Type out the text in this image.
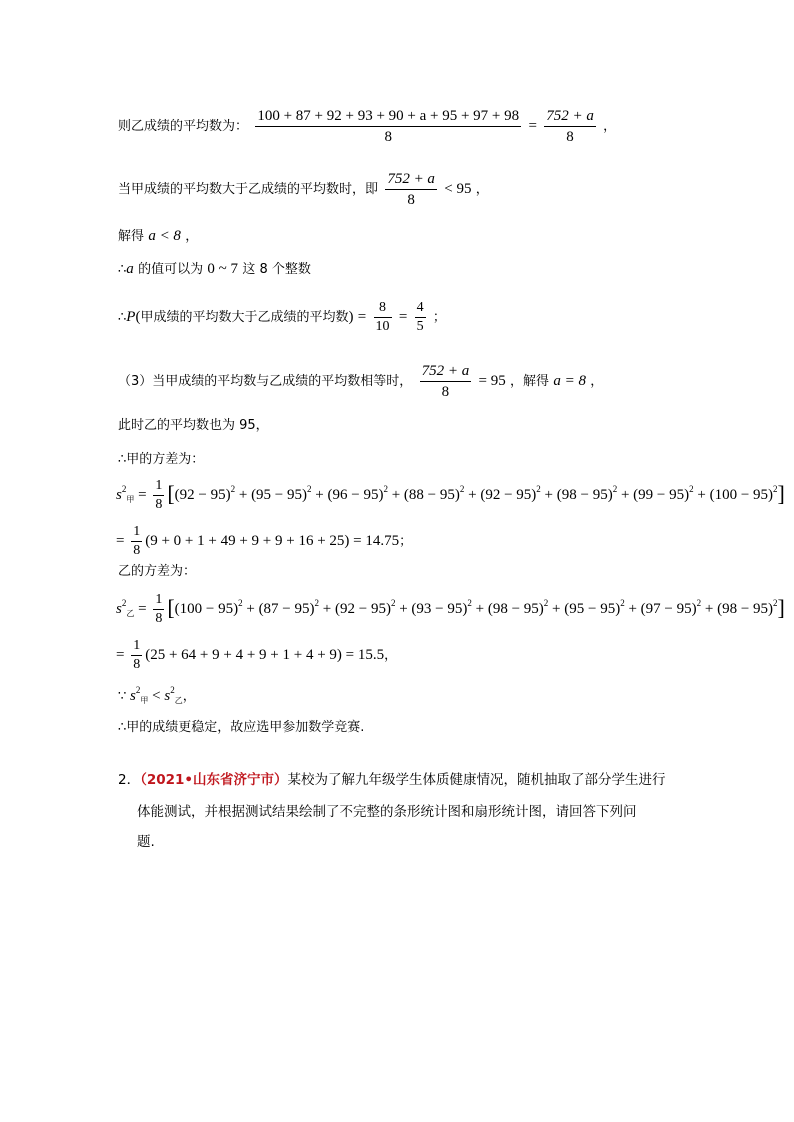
则乙成绩的平均数为： $\frac{100 + 87 + 92 + 93 + 90 + a + 95 + 97 + 98}{8} = \frac{752 + a}{8}$ ，
当甲成绩的平均数大于乙成绩的平均数时，即 $\frac{752 + a}{8} < 95$ ，
解得 a < 8 ，
∴a 的值可以为 0 ~ 7 这 8 个整数
∴P(甲成绩的平均数大于乙成绩的平均数) = $\frac{8}{10} = \frac{4}{5}$ ；
（3）当甲成绩的平均数与乙成绩的平均数相等时， $\frac{752 + a}{8} = 95$ ，解得 a = 8 ，
此时乙的平均数也为 95，
∴甲的方差为：
$s^2_甲 = \frac{1}{8} [(92 - 95)^2 + (95 - 95)^2 + (96 - 95)^2 + (88 - 95)^2 + (92 - 95)^2 + (98 - 95)^2 + (99 - 95)^2 + (100 - 95)^2]$
= $\frac{1}{8} (9 + 0 + 1 + 49 + 9 + 9 + 16 + 25) = 14.75$；
乙的方差为：
$s^2_乙 = \frac{1}{8} [(100 - 95)^2 + (87 - 95)^2 + (92 - 95)^2 + (93 - 95)^2 + (98 - 95)^2 + (95 - 95)^2 + (97 - 95)^2 + (98 - 95)^2]$
= $\frac{1}{8} (25 + 64 + 9 + 4 + 9 + 1 + 4 + 9) = 15.5$，
∵ $s^2_甲 < s^2_乙$，
∴甲的成绩更稳定，故应选甲参加数学竞赛.
2．（2021•山东省济宁市）某校为了解九年级学生体质健康情况，随机抽取了部分学生进行
体能测试，并根据测试结果绘制了不完整的条形统计图和扇形统计图，请回答下列问
题.
